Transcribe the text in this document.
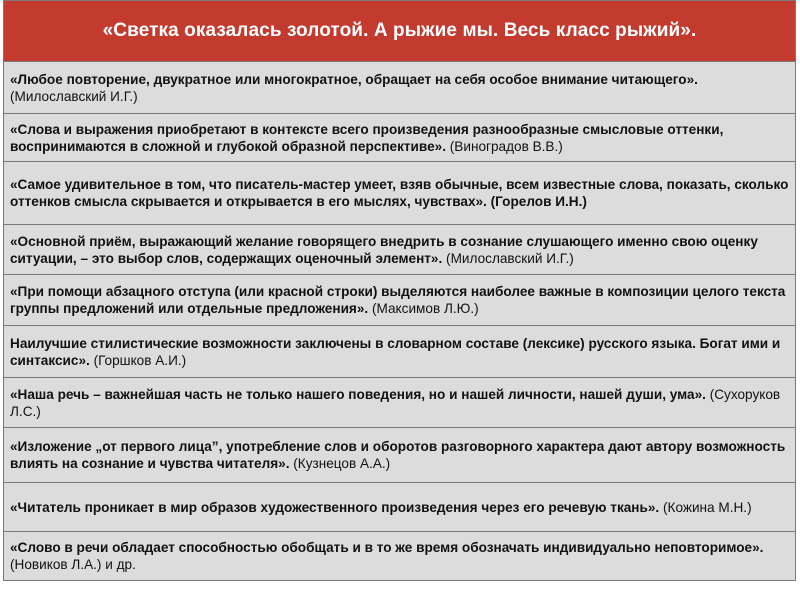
«Светка оказалась золотой. А рыжие мы. Весь класс рыжий».
«Любое повторение, двукратное или многократное, обращает на себя особое внимание читающего». (Милославский И.Г.)
«Слова и выражения приобретают в контексте всего произведения разнообразные смысловые оттенки, воспринимаются в сложной и глубокой образной перспективе». (Виноградов В.В.)
«Самое удивительное в том, что писатель-мастер умеет, взяв обычные, всем известные слова, показать, сколько оттенков смысла скрывается и открывается в его мыслях, чувствах». (Горелов И.Н.)
«Основной приём, выражающий желание говорящего внедрить в сознание слушающего именно свою оценку ситуации, – это выбор слов, содержащих оценочный элемент». (Милославский И.Г.)
«При помощи абзацного отступа (или красной строки) выделяются наиболее важные в композиции целого текста группы предложений или отдельные предложения». (Максимов Л.Ю.)
Наилучшие стилистические возможности заключены в словарном составе (лексике) русского языка. Богат ими и синтаксис». (Горшков А.И.)
«Наша речь – важнейшая часть не только нашего поведения, но и нашей личности, нашей души, ума». (Сухоруков Л.С.)
«Изложение „от первого лица”, употребление слов и оборотов разговорного характера дают автору возможность влиять на сознание и чувства читателя». (Кузнецов А.А.)
«Читатель проникает в мир образов художественного произведения через его речевую ткань». (Кожина М.Н.)
«Слово в речи обладает способностью обобщать и в то же время обозначать индивидуально неповторимое». (Новиков Л.А.) и др.
